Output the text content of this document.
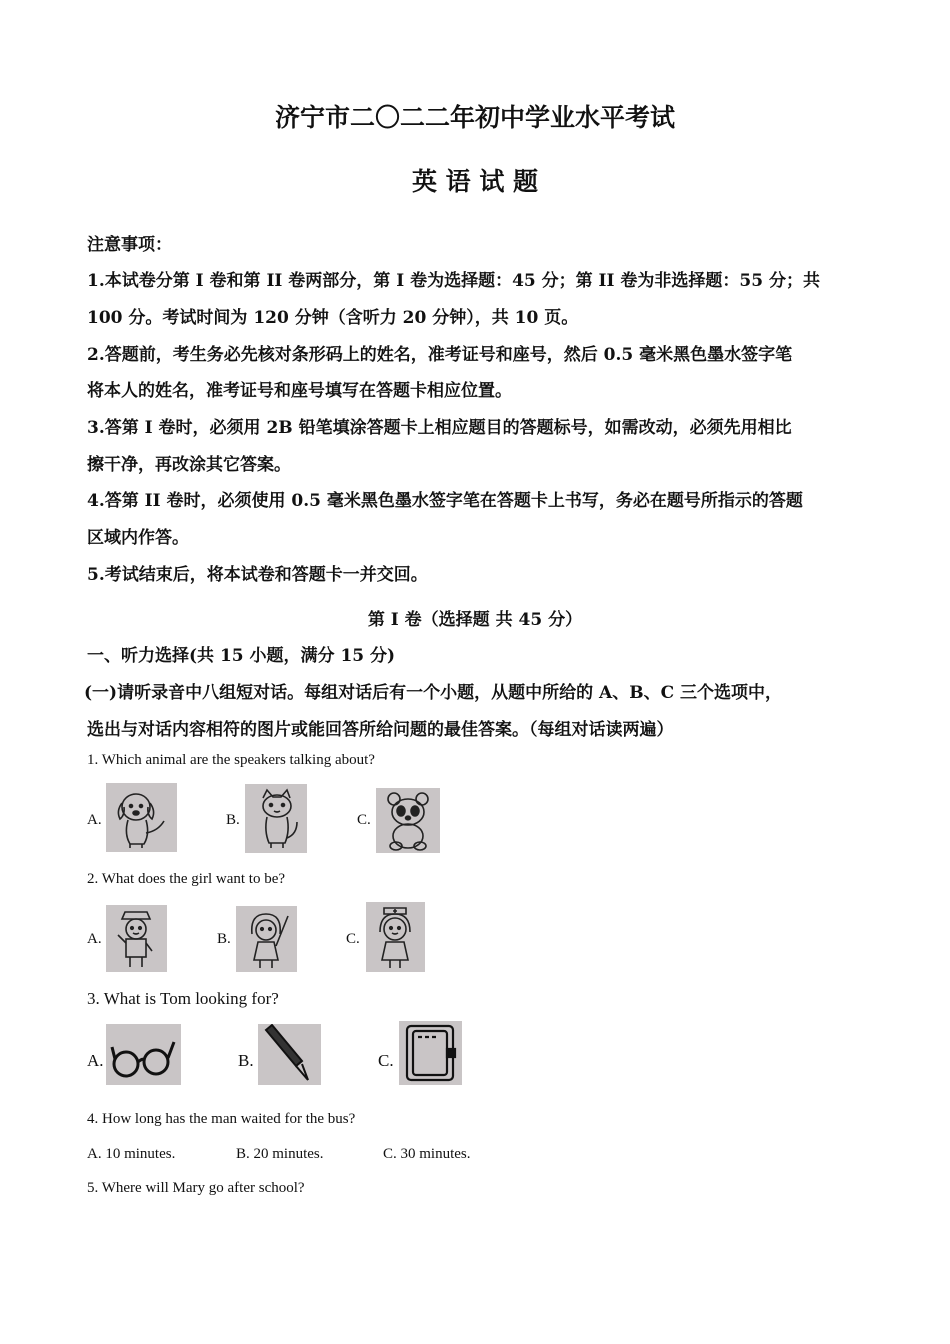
济宁市二〇二二年初中学业水平考试
英 语 试 题
注意事项：
1.本试卷分第 I 卷和第 II 卷两部分，第 I 卷为选择题：45 分；第 II 卷为非选择题：55 分；共
100 分。考试时间为 120 分钟（含听力 20 分钟），共 10 页。
2.答题前，考生务必先核对条形码上的姓名，准考证号和座号，然后 0.5 毫米黑色墨水签字笔
将本人的姓名，准考证号和座号填写在答题卡相应位置。
3.答第 I 卷时，必须用 2B 铅笔填涂答题卡上相应题目的答题标号，如需改动，必须先用相比
擦干净，再改涂其它答案。
4.答第 II 卷时，必须使用 0.5 毫米黑色墨水签字笔在答题卡上书写，务必在题号所指示的答题
区域内作答。
5.考试结束后，将本试卷和答题卡一并交回。
第 I 卷（选择题 共 45 分）
一、听力选择(共 15 小题，满分 15 分)
(一)请听录音中八组短对话。每组对话后有一个小题，从题中所给的 A、B、C 三个选项中，
选出与对话内容相符的图片或能回答所给问题的最佳答案。（每组对话读两遍）
1. Which animal are the speakers talking about?
A.	B.	C.
2. What does the girl want to be?
A.	B.	C.
3. What is Tom looking for?
A.	B.	C.
4. How long has the man waited for the bus?
A. 10 minutes.	B. 20 minutes.	C. 30 minutes.
5. Where will Mary go after school?
